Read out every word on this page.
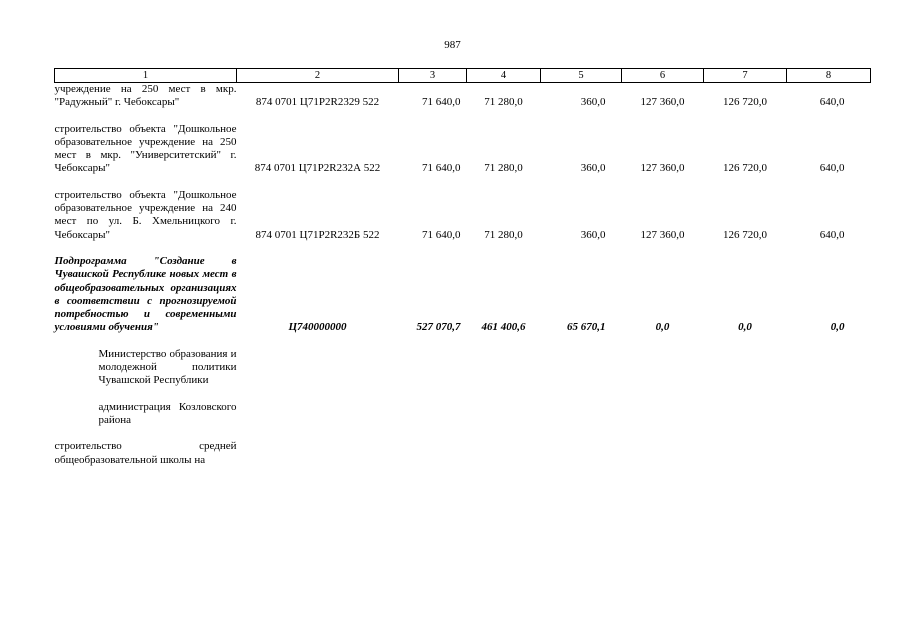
987
1	2	3	4	5	6	7	8
учреждение на 250 мест в мкр. "Радужный" г. Чебоксары"	874 0701 Ц71P2R2329 522	71 640,0	71 280,0	360,0	127 360,0	126 720,0	640,0

строительство объекта "Дошкольное образовательное учреждение на 250 мест в мкр. "Университетский" г. Чебоксары"	874 0701 Ц71P2R232А 522	71 640,0	71 280,0	360,0	127 360,0	126 720,0	640,0

строительство объекта "Дошкольное образовательное учреждение на 240 мест по ул. Б. Хмельницкого г. Чебоксары"	874 0701 Ц71P2R232Б 522	71 640,0	71 280,0	360,0	127 360,0	126 720,0	640,0

Подпрограмма "Создание в Чувашской Республике новых мест в общеобразовательных организациях в соответствии с прогнозируемой потребностью и современными условиями обучения"	Ц740000000	527 070,7	461 400,6	65 670,1	0,0	0,0	0,0

Министерство образования и молодежной политики Чувашской Республики							

администрация Козловского района							

строительство средней общеобразовательной школы на							
